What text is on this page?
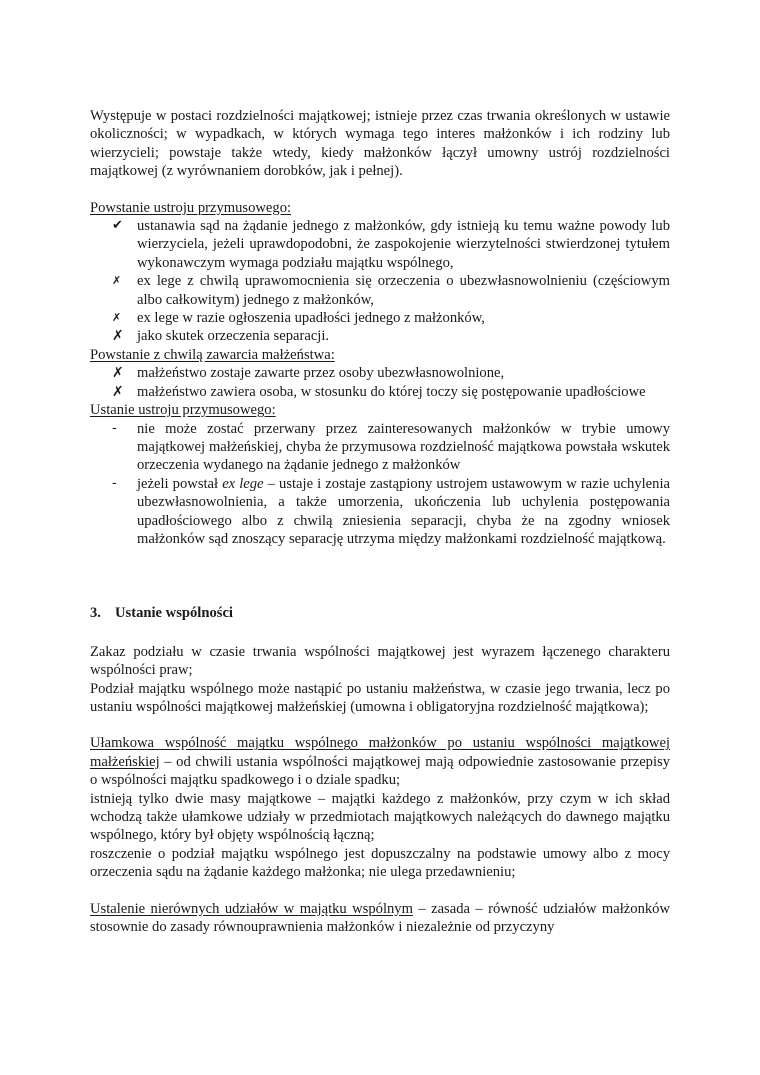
Występuje w postaci rozdzielności majątkowej; istnieje przez czas trwania określonych w ustawie okoliczności; w wypadkach, w których wymaga tego interes małżonków i ich rodziny lub wierzycieli; powstaje także wtedy, kiedy małżonków łączył umowny ustrój rozdzielności majątkowej (z wyrównaniem dorobków, jak i pełnej).

Powstanie ustroju przymusowego:

✔ ustanawia sąd na żądanie jednego z małżonków, gdy istnieją ku temu ważne powody lub wierzyciela, jeżeli uprawdopodobni, że zaspokojenie wierzytelności stwierdzonej tytułem wykonawczym wymaga podziału majątku wspólnego,
✗	ex lege z chwilą uprawomocnienia się orzeczenia o ubezwłasnowolnieniu (częściowym albo całkowitym) jednego z małżonków,
✗	ex lege w razie ogłoszenia upadłości jednego z małżonków,
✗ jako skutek orzeczenia separacji.

Powstanie z chwilą zawarcia małżeństwa:

✗ małżeństwo zostaje zawarte przez osoby ubezwłasnowolnione,
✗ małżeństwo zawiera osoba, w stosunku do której toczy się postępowanie upadłościowe

Ustanie ustroju przymusowego:

-	nie może zostać przerwany przez zainteresowanych małżonków w trybie umowy majątkowej małżeńskiej, chyba że przymusowa rozdzielność majątkowa powstała wskutek orzeczenia wydanego na żądanie jednego z małżonków
-	jeżeli powstał ex lege – ustaje i zostaje zastąpiony ustrojem ustawowym w razie uchylenia ubezwłasnowolnienia, a także umorzenia, ukończenia lub uchylenia postępowania upadłościowego albo z chwilą zniesienia separacji, chyba że na zgodny wniosek małżonków sąd znoszący separację utrzyma między małżonkami rozdzielność majątkową.
3. Ustanie wspólności

Zakaz podziału w czasie trwania wspólności majątkowej jest wyrazem łączenego charakteru wspólności praw;

Podział majątku wspólnego może nastąpić po ustaniu małżeństwa, w czasie jego trwania, lecz po ustaniu wspólności majątkowej małżeńskiej (umowna i obligatoryjna rozdzielność majątkowa);

Ułamkowa wspólność majątku wspólnego małżonków po ustaniu wspólności majątkowej małżeńskiej – od chwili ustania wspólności majątkowej mają odpowiednie zastosowanie przepisy o wspólności majątku spadkowego i o dziale spadku;

istnieją tylko dwie masy majątkowe – majątki każdego z małżonków, przy czym w ich skład wchodzą także ułamkowe udziały w przedmiotach majątkowych należących do dawnego majątku wspólnego, który był objęty wspólnością łączną;

roszczenie o podział majątku wspólnego jest dopuszczalny na podstawie umowy albo z mocy orzeczenia sądu na żądanie każdego małżonka; nie ulega przedawnieniu;

Ustalenie nierównych udziałów w majątku wspólnym – zasada – równość udziałów małżonków stosownie do zasady równouprawnienia małżonków i niezależnie od przyczyny
